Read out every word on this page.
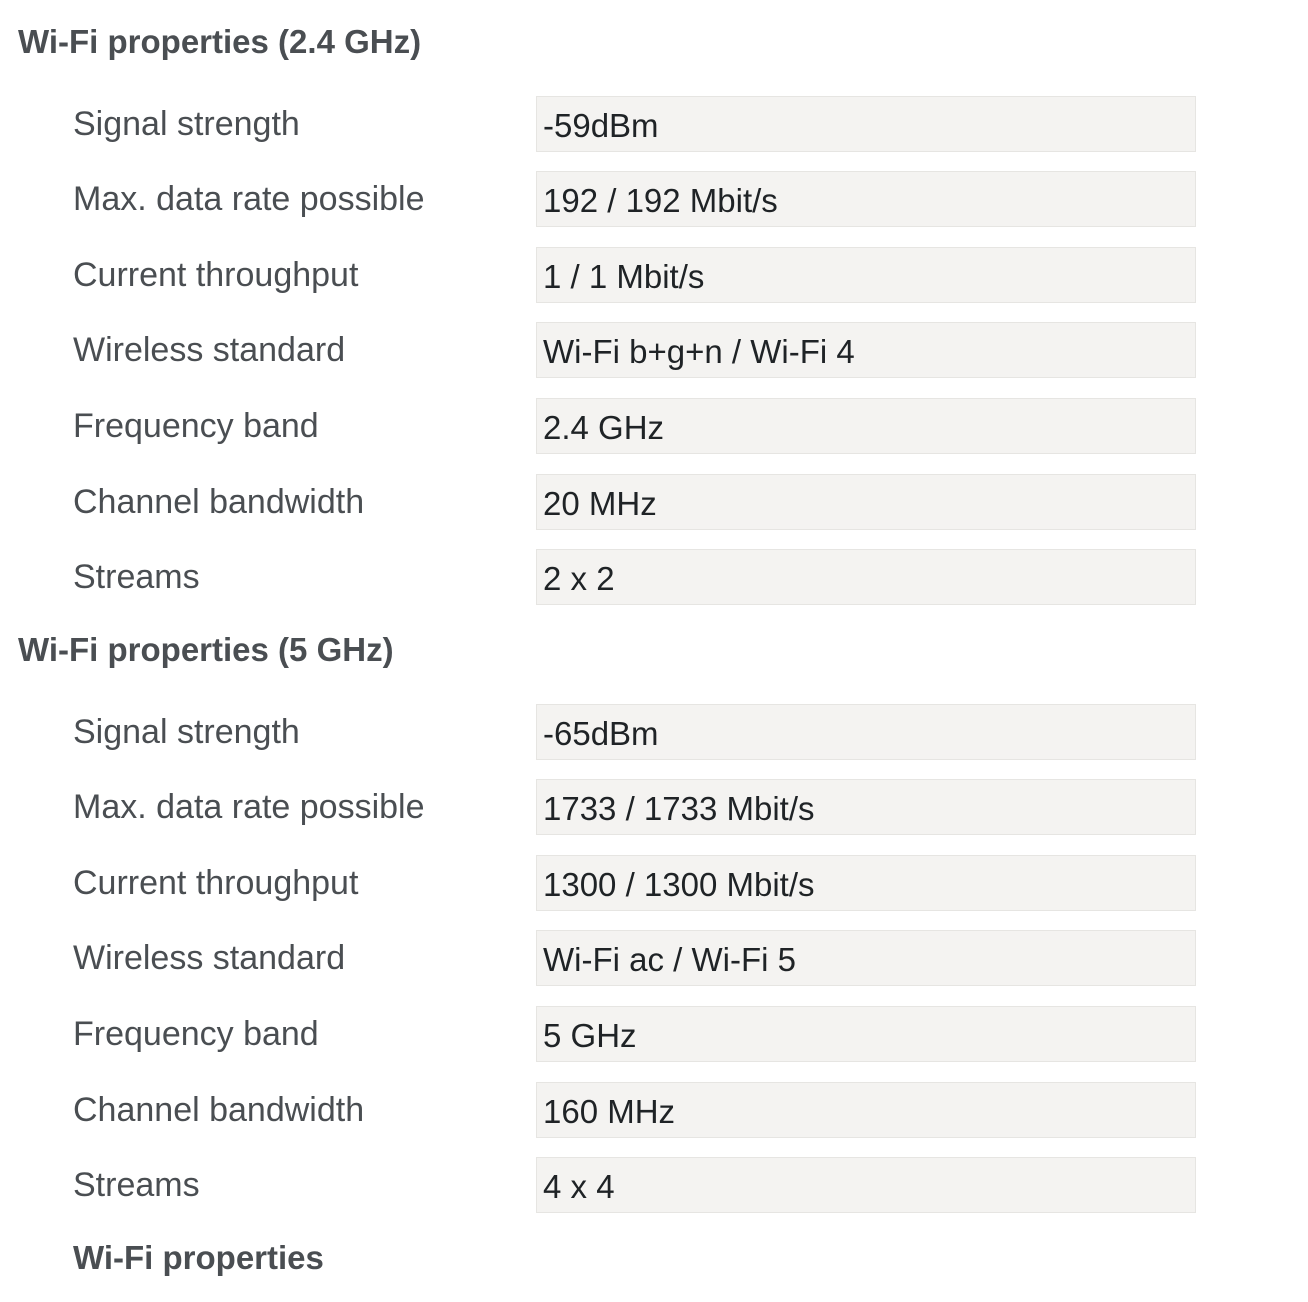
Wi-Fi properties (2.4 GHz)
Signal strength	-59dBm
Max. data rate possible	192 / 192 Mbit/s
Current throughput	1 / 1 Mbit/s
Wireless standard	Wi-Fi b+g+n / Wi-Fi 4
Frequency band	2.4 GHz
Channel bandwidth	20 MHz
Streams	2 x 2
Wi-Fi properties (5 GHz)
Signal strength	-65dBm
Max. data rate possible	1733 / 1733 Mbit/s
Current throughput	1300 / 1300 Mbit/s
Wireless standard	Wi-Fi ac / Wi-Fi 5
Frequency band	5 GHz
Channel bandwidth	160 MHz
Streams	4 x 4
Wi-Fi properties
